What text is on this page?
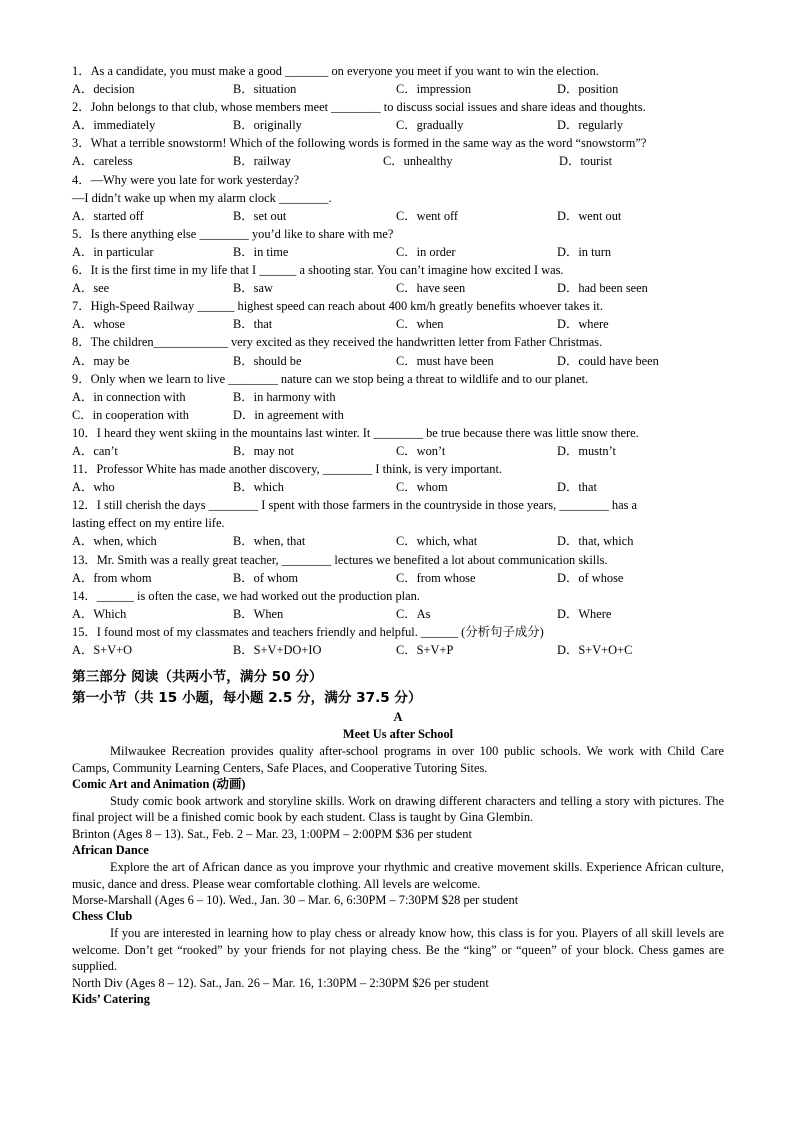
1．As a candidate, you must make a good _______ on everyone you meet if you want to win the election.
A．decision	B．situation	C．impression	D．position
2．John belongs to that club, whose members meet ________ to discuss social issues and share ideas and thoughts.
A．immediately	B．originally	C．gradually	D．regularly
3．What a terrible snowstorm! Which of the following words is formed in the same way as the word “snowstorm”?
A．careless	B．railway	C．unhealthy	D．tourist
4．—Why were you late for work yesterday?
—I didn’t wake up when my alarm clock ________.
A．started off	B．set out	C．went off	D．went out
5．Is there anything else ________ you’d like to share with me?
A．in particular	B．in time	C．in order	D．in turn
6．It is the first time in my life that I ______ a shooting star. You can’t imagine how excited I was.
A．see	B．saw	C．have seen	D．had been seen
7．High-Speed Railway ______ highest speed can reach about 400 km/h greatly benefits whoever takes it.
A．whose	B．that	C．when	D．where
8．The children____________ very excited as they received the handwritten letter from Father Christmas.
A．may be	B．should be	C．must have been	D．could have been
9．Only when we learn to live ________ nature can we stop being a threat to wildlife and to our planet.
A．in connection with	B．in harmony with
C．in cooperation with	D．in agreement with
10．I heard they went skiing in the mountains last winter. It ________ be true because there was little snow there.
A．can’t	B．may not	C．won’t	D．mustn’t
11．Professor White has made another discovery, ________ I think, is very important.
A．who	B．which	C．whom	D．that
12．I still cherish the days ________ I spent with those farmers in the countryside in those years, ________ has a
lasting effect on my entire life.
A．when, which	B．when, that	C．which, what	D．that, which
13．Mr. Smith was a really great teacher, ________ lectures we benefited a lot about communication skills.
A．from whom	B．of whom	C．from whose	D．of whose
14．______ is often the case, we had worked out the production plan.
A．Which	B．When	C．As	D．Where
15．I found most of my classmates and teachers friendly and helpful. ______ (分析句子成分)
A．S+V+O	B．S+V+DO+IO	C．S+V+P	D．S+V+O+C
第三部分 阅读（共两小节，满分 50 分）
第一小节（共 15 小题，每小题 2.5 分，满分 37.5 分）
A
Meet Us after School

Milwaukee Recreation provides quality after-school programs in over 100 public schools. We work with Child Care Camps, Community Learning Centers, Safe Places, and Cooperative Tutoring Sites.

Comic Art and Animation (动画)

Study comic book artwork and storyline skills. Work on drawing different characters and telling a story with pictures. The final project will be a finished comic book by each student. Class is taught by Gina Glembin.

Brinton (Ages 8 – 13). Sat., Feb. 2 – Mar. 23, 1:00PM – 2:00PM $36 per student

African Dance

Explore the art of African dance as you improve your rhythmic and creative movement skills. Experience African culture, music, dance and dress. Please wear comfortable clothing. All levels are welcome.

Morse-Marshall (Ages 6 – 10). Wed., Jan. 30 – Mar. 6, 6:30PM – 7:30PM $28 per student

Chess Club

If you are interested in learning how to play chess or already know how, this class is for you. Players of all skill levels are welcome. Don’t get “rooked” by your friends for not playing chess. Be the “king” or “queen” of your block. Chess games are supplied.

North Div (Ages 8 – 12). Sat., Jan. 26 – Mar. 16, 1:30PM – 2:30PM $26 per student

Kids’ Catering
